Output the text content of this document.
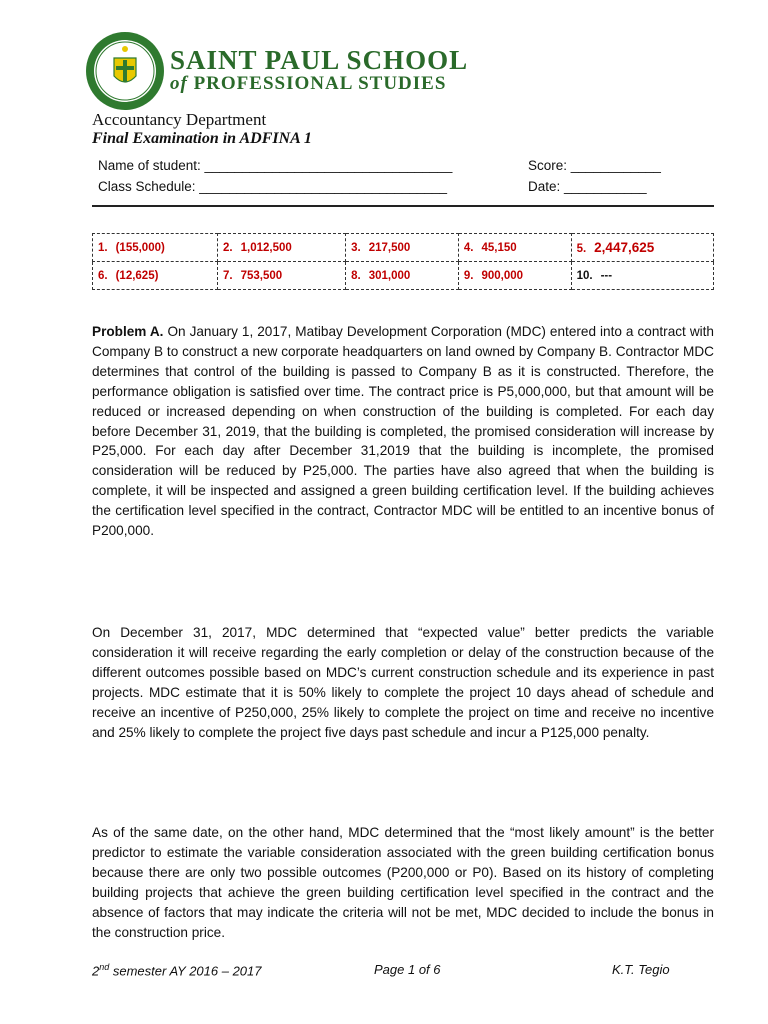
SAINT PAUL SCHOOL
of PROFESSIONAL STUDIES
Accountancy Department
Final Examination in ADFINA 1
Name of student: _________________________________	Score: ____________
Class Schedule: _________________________________	Date: ___________
1. (155,000)	2. 1,012,500	3. 217,500	4. 45,150	5. 2,447,625
6. (12,625)	7. 753,500	8. 301,000	9. 900,000	10. ---
Problem A. On January 1, 2017, Matibay Development Corporation (MDC) entered into a contract with Company B to construct a new corporate headquarters on land owned by Company B. Contractor MDC determines that control of the building is passed to Company B as it is constructed. Therefore, the performance obligation is satisfied over time. The contract price is P5,000,000, but that amount will be reduced or increased depending on when construction of the building is completed. For each day before December 31, 2019, that the building is completed, the promised consideration will increase by P25,000. For each day after December 31,2019 that the building is incomplete, the promised consideration will be reduced by P25,000. The parties have also agreed that when the building is complete, it will be inspected and assigned a green building certification level. If the building achieves the certification level specified in the contract, Contractor MDC will be entitled to an incentive bonus of P200,000.
On December 31, 2017, MDC determined that “expected value” better predicts the variable consideration it will receive regarding the early completion or delay of the construction because of the different outcomes possible based on MDC’s current construction schedule and its experience in past projects. MDC estimate that it is 50% likely to complete the project 10 days ahead of schedule and receive an incentive of P250,000, 25% likely to complete the project on time and receive no incentive and 25% likely to complete the project five days past schedule and incur a P125,000 penalty.
As of the same date, on the other hand, MDC determined that the “most likely amount” is the better predictor to estimate the variable consideration associated with the green building certification bonus because there are only two possible outcomes (P200,000 or P0). Based on its history of completing building projects that achieve the green building certification level specified in the contract and the absence of factors that may indicate the criteria will not be met, MDC decided to include the bonus in the construction price.
2nd semester AY 2016 – 2017	Page 1 of 6	K.T. Tegio
